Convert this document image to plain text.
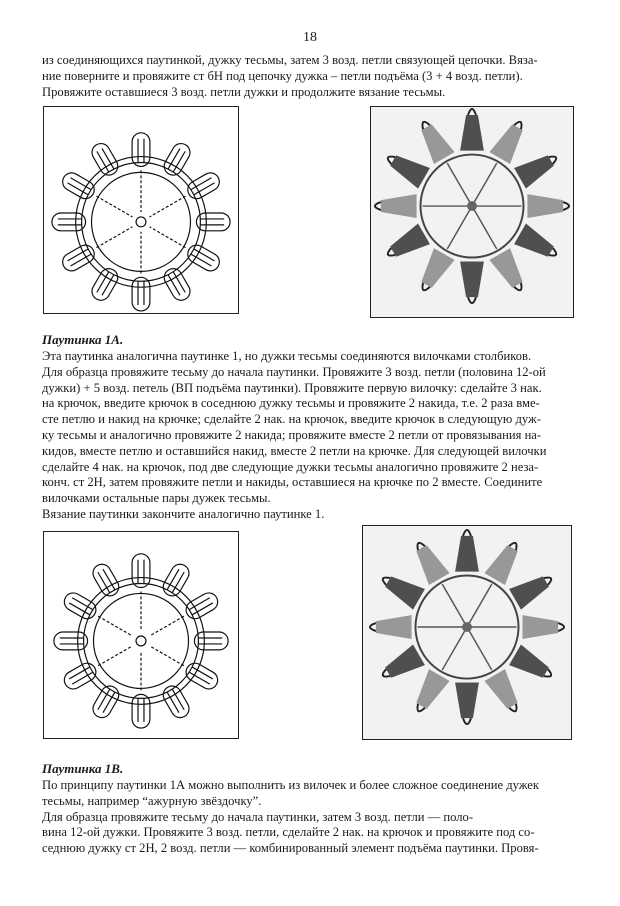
18
из соединяющихся паутинкой, дужку тесьмы, затем 3 возд. петли связующей цепочки. Вяза-
ние поверните и провяжите ст бН под цепочку дужка – петли подъёма (3 + 4 возд. петли).
Провяжите оставшиеся 3 возд. петли дужки и продолжите вязание тесьмы.
Паутинка 1А.
Эта паутинка аналогична паутинке 1, но дужки тесьмы соединяются вилочками столбиков.
Для образца провяжите тесьму до начала паутинки. Провяжите 3 возд. петли (половина 12-ой
дужки) + 5 возд. петель (ВП подъёма паутинки). Провяжите первую вилочку: сделайте 3 нак.
на крючок, введите крючок в соседнюю дужку тесьмы и провяжите 2 накида, т.е. 2 раза вме-
сте петлю и накид на крючке; сделайте 2 нак. на крючок, введите крючок в следующую дуж-
ку тесьмы и аналогично провяжите 2 накида; провяжите вместе 2 петли от провязывания на-
кидов, вместе петлю и оставшийся накид, вместе 2 петли на крючке. Для следующей вилочки
сделайте 4 нак. на крючок, под две следующие дужки тесьмы аналогично провяжите 2 неза-
конч. ст 2Н, затем провяжите петли и накиды, оставшиеся на крючке по 2 вместе. Соедините
вилочками остальные пары дужек тесьмы.
Вязание паутинки закончите аналогично паутинке 1.
Паутинка 1В.
По принципу паутинки 1А можно выполнить из вилочек и более сложное соединение дужек
тесьмы, например “ажурную звёздочку”.
Для образца провяжите тесьму до начала паутинки, затем 3 возд. петли — поло-
вина 12-ой дужки. Провяжите 3 возд. петли, сделайте 2 нак. на крючок и провяжите под со-
седнюю дужку ст 2Н, 2 возд. петли — комбинированный элемент подъёма паутинки. Провя-
